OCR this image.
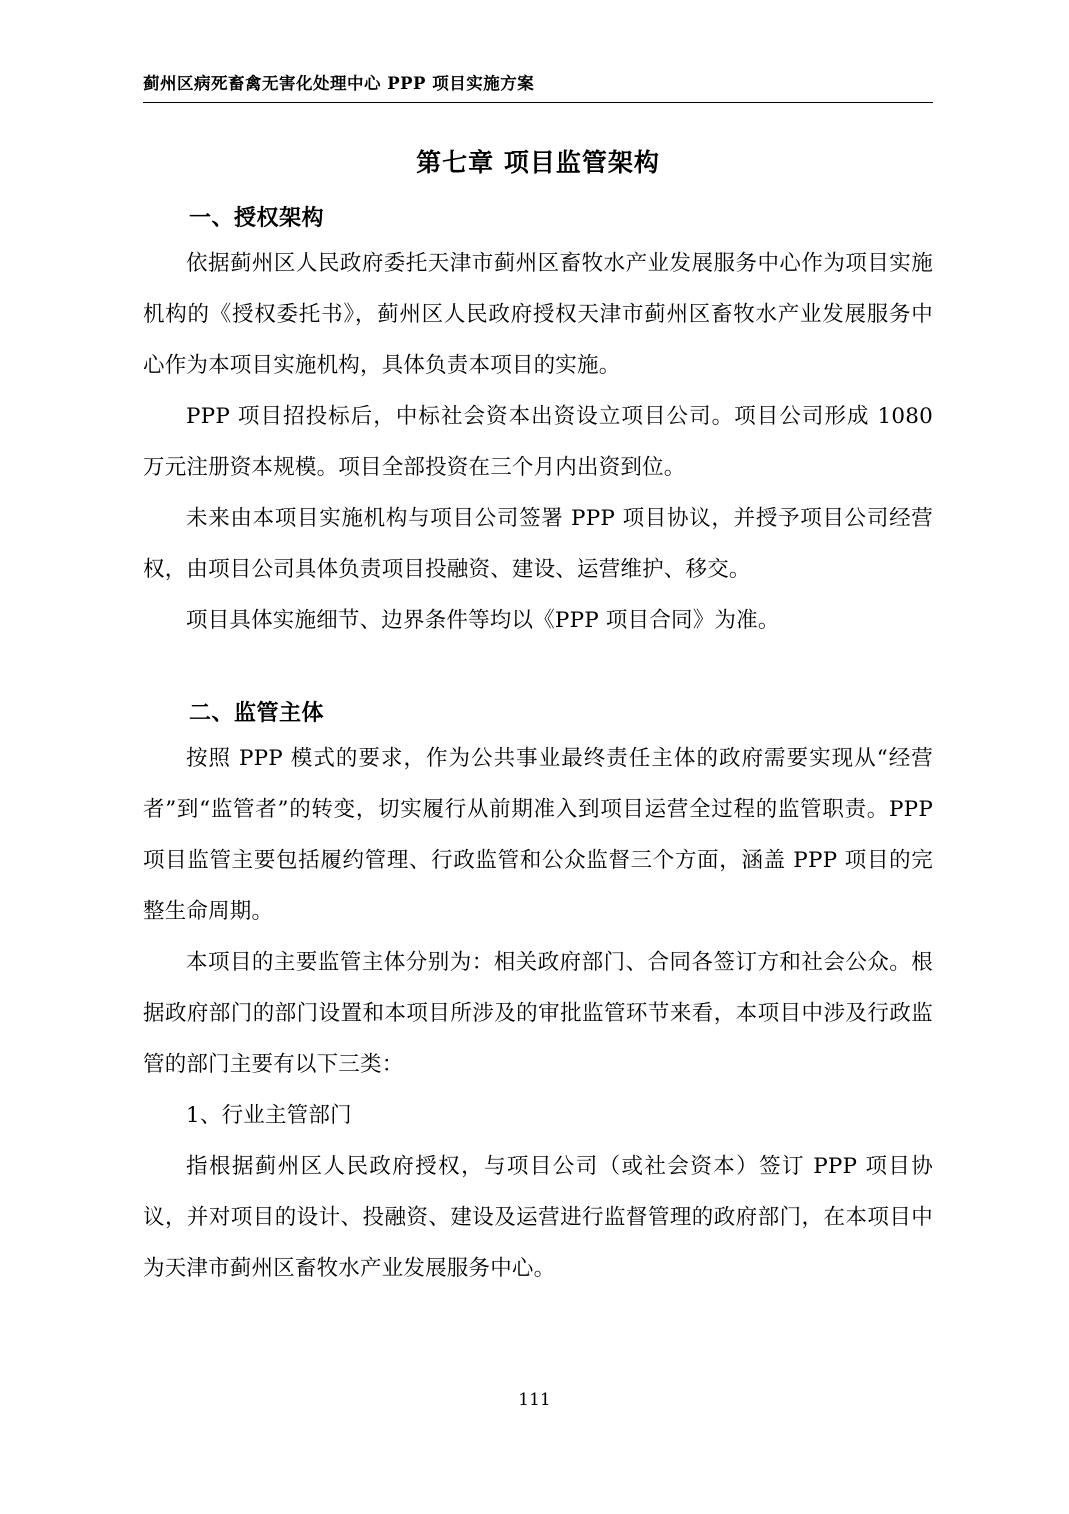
蓟州区病死畜禽无害化处理中心 PPP 项目实施方案
第七章 项目监管架构
一、授权架构

依据蓟州区人民政府委托天津市蓟州区畜牧水产业发展服务中心作为项目实施机构的《授权委托书》，蓟州区人民政府授权天津市蓟州区畜牧水产业发展服务中心作为本项目实施机构，具体负责本项目的实施。

PPP 项目招投标后，中标社会资本出资设立项目公司。项目公司形成 1080 万元注册资本规模。项目全部投资在三个月内出资到位。

未来由本项目实施机构与项目公司签署 PPP 项目协议，并授予项目公司经营权，由项目公司具体负责项目投融资、建设、运营维护、移交。

项目具体实施细节、边界条件等均以《PPP 项目合同》为准。

二、监管主体

按照 PPP 模式的要求，作为公共事业最终责任主体的政府需要实现从“经营者”到“监管者”的转变，切实履行从前期准入到项目运营全过程的监管职责。PPP 项目监管主要包括履约管理、行政监管和公众监督三个方面，涵盖 PPP 项目的完整生命周期。

本项目的主要监管主体分别为：相关政府部门、合同各签订方和社会公众。根据政府部门的部门设置和本项目所涉及的审批监管环节来看，本项目中涉及行政监管的部门主要有以下三类：

1、行业主管部门

指根据蓟州区人民政府授权，与项目公司（或社会资本）签订 PPP 项目协议，并对项目的设计、投融资、建设及运营进行监督管理的政府部门，在本项目中为天津市蓟州区畜牧水产业发展服务中心。

111
